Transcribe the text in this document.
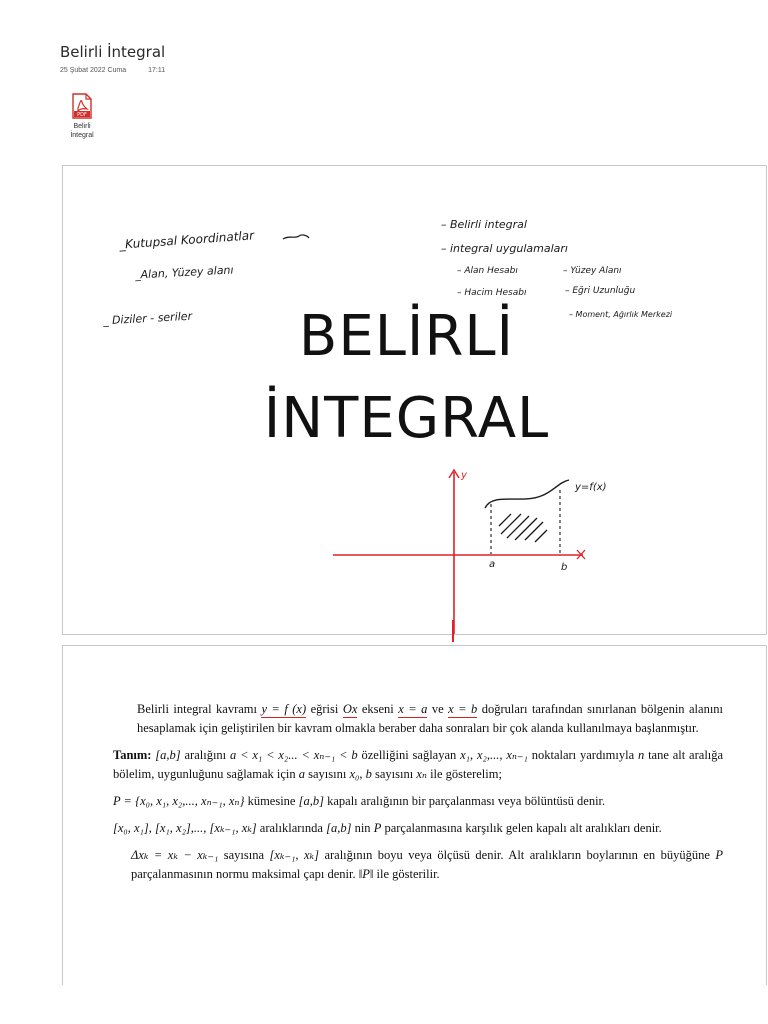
Belirli İntegral
25 Şubat 2022 Cuma	17:11
PDF
Belirli
İntegral
_Kutupsal Koordinatlar
_Alan, Yüzey alanı
_ Diziler - seriler
– Belirli integral
– integral uygulamaları
– Alan Hesabı	– Yüzey Alanı
– Hacim Hesabı	– Eğri Uzunluğu
– Moment, Ağırlık Merkezi
BELİRLİ
İNTEGRAL
y
y=f(x)
a	b

Belirli integral kavramı y = f (x) eğrisi Ox ekseni x = a ve x = b doğruları tarafından sınırlanan bölgenin alanını hesaplamak için geliştirilen bir kavram olmakla beraber daha sonraları bir çok alanda kullanılmaya başlanmıştır.

Tanım: [a,b] aralığını a < x₁ < x₂... < xₙ₋₁ < b özelliğini sağlayan x₁, x₂,..., xₙ₋₁ noktaları yardımıyla n tane alt aralığa bölelim, uygunluğunu sağlamak için a sayısını x₀, b sayısını xₙ ile gösterelim;

P = {x₀, x₁, x₂,..., xₙ₋₁, xₙ} kümesine [a,b] kapalı aralığının bir parçalanması veya bölüntüsü denir.

[x₀, x₁], [x₁, x₂],..., [xₖ₋₁, xₖ] aralıklarında [a,b] nin P parçalanmasına karşılık gelen kapalı alt aralıkları denir.

Δxₖ = xₖ − xₖ₋₁ sayısına [xₖ₋₁, xₖ] aralığının boyu veya ölçüsü denir. Alt aralıkların boylarının en büyüğüne P parçalanmasının normu maksimal çapı denir. ‖P‖ ile gösterilir.
